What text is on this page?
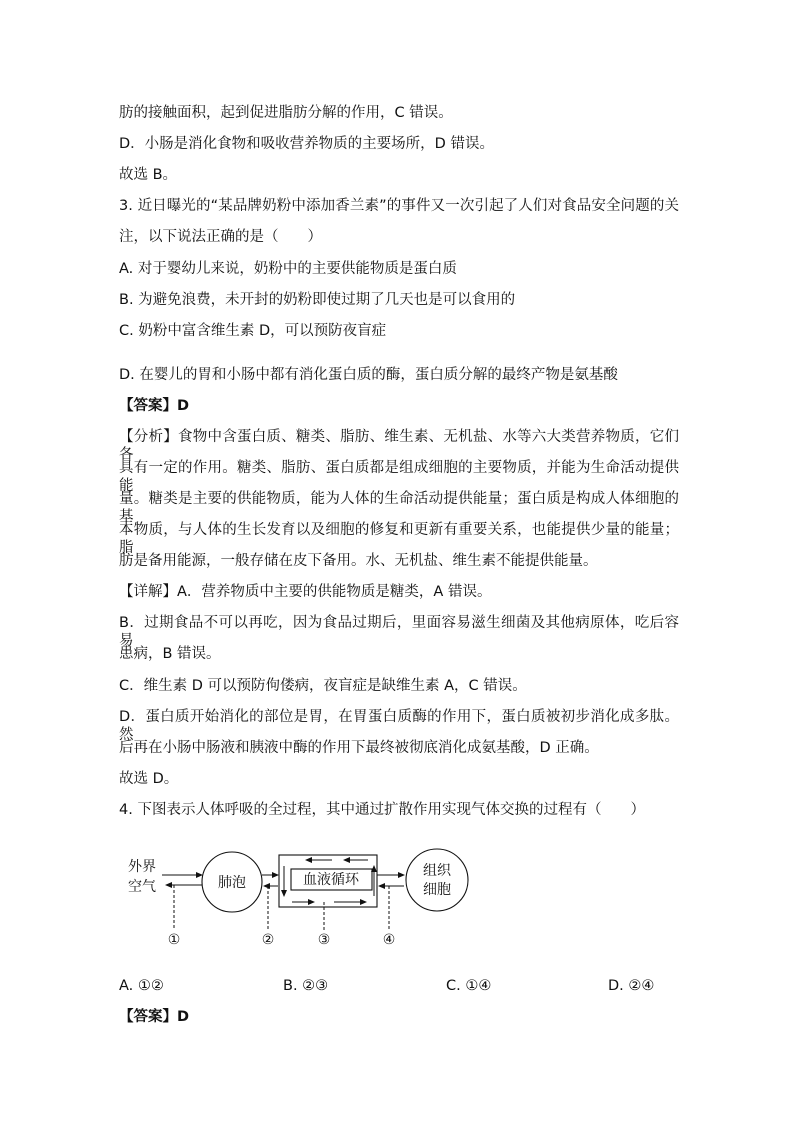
肪的接触面积，起到促进脂肪分解的作用，C 错误。
D．小肠是消化食物和吸收营养物质的主要场所，D 错误。
故选 B。
3. 近日曝光的“某品牌奶粉中添加香兰素”的事件又一次引起了人们对食品安全问题的关
注，以下说法正确的是（　　）
A. 对于婴幼儿来说，奶粉中的主要供能物质是蛋白质
B. 为避免浪费，未开封的奶粉即使过期了几天也是可以食用的
C. 奶粉中富含维生素 D，可以预防夜盲症
D. 在婴儿的胃和小肠中都有消化蛋白质的酶，蛋白质分解的最终产物是氨基酸
【答案】D
【分析】食物中含蛋白质、糖类、脂肪、维生素、无机盐、水等六大类营养物质，它们各
具有一定的作用。糖类、脂肪、蛋白质都是组成细胞的主要物质，并能为生命活动提供能
量。糖类是主要的供能物质，能为人体的生命活动提供能量；蛋白质是构成人体细胞的基
本物质，与人体的生长发育以及细胞的修复和更新有重要关系，也能提供少量的能量；脂
肪是备用能源，一般存储在皮下备用。水、无机盐、维生素不能提供能量。
【详解】A．营养物质中主要的供能物质是糖类，A 错误。
B．过期食品不可以再吃，因为食品过期后，里面容易滋生细菌及其他病原体，吃后容易
患病，B 错误。
C．维生素 D 可以预防佝偻病，夜盲症是缺维生素 A，C 错误。
D．蛋白质开始消化的部位是胃，在胃蛋白质酶的作用下，蛋白质被初步消化成多肽。然
后再在小肠中肠液和胰液中酶的作用下最终被彻底消化成氨基酸，D 正确。
故选 D。
4. 下图表示人体呼吸的全过程，其中通过扩散作用实现气体交换的过程有（　　）
外界
空气	肺泡	血液循环
组织
细胞
①	②	③	④
A. ①②	B. ②③	C. ①④	D. ②④
【答案】D
